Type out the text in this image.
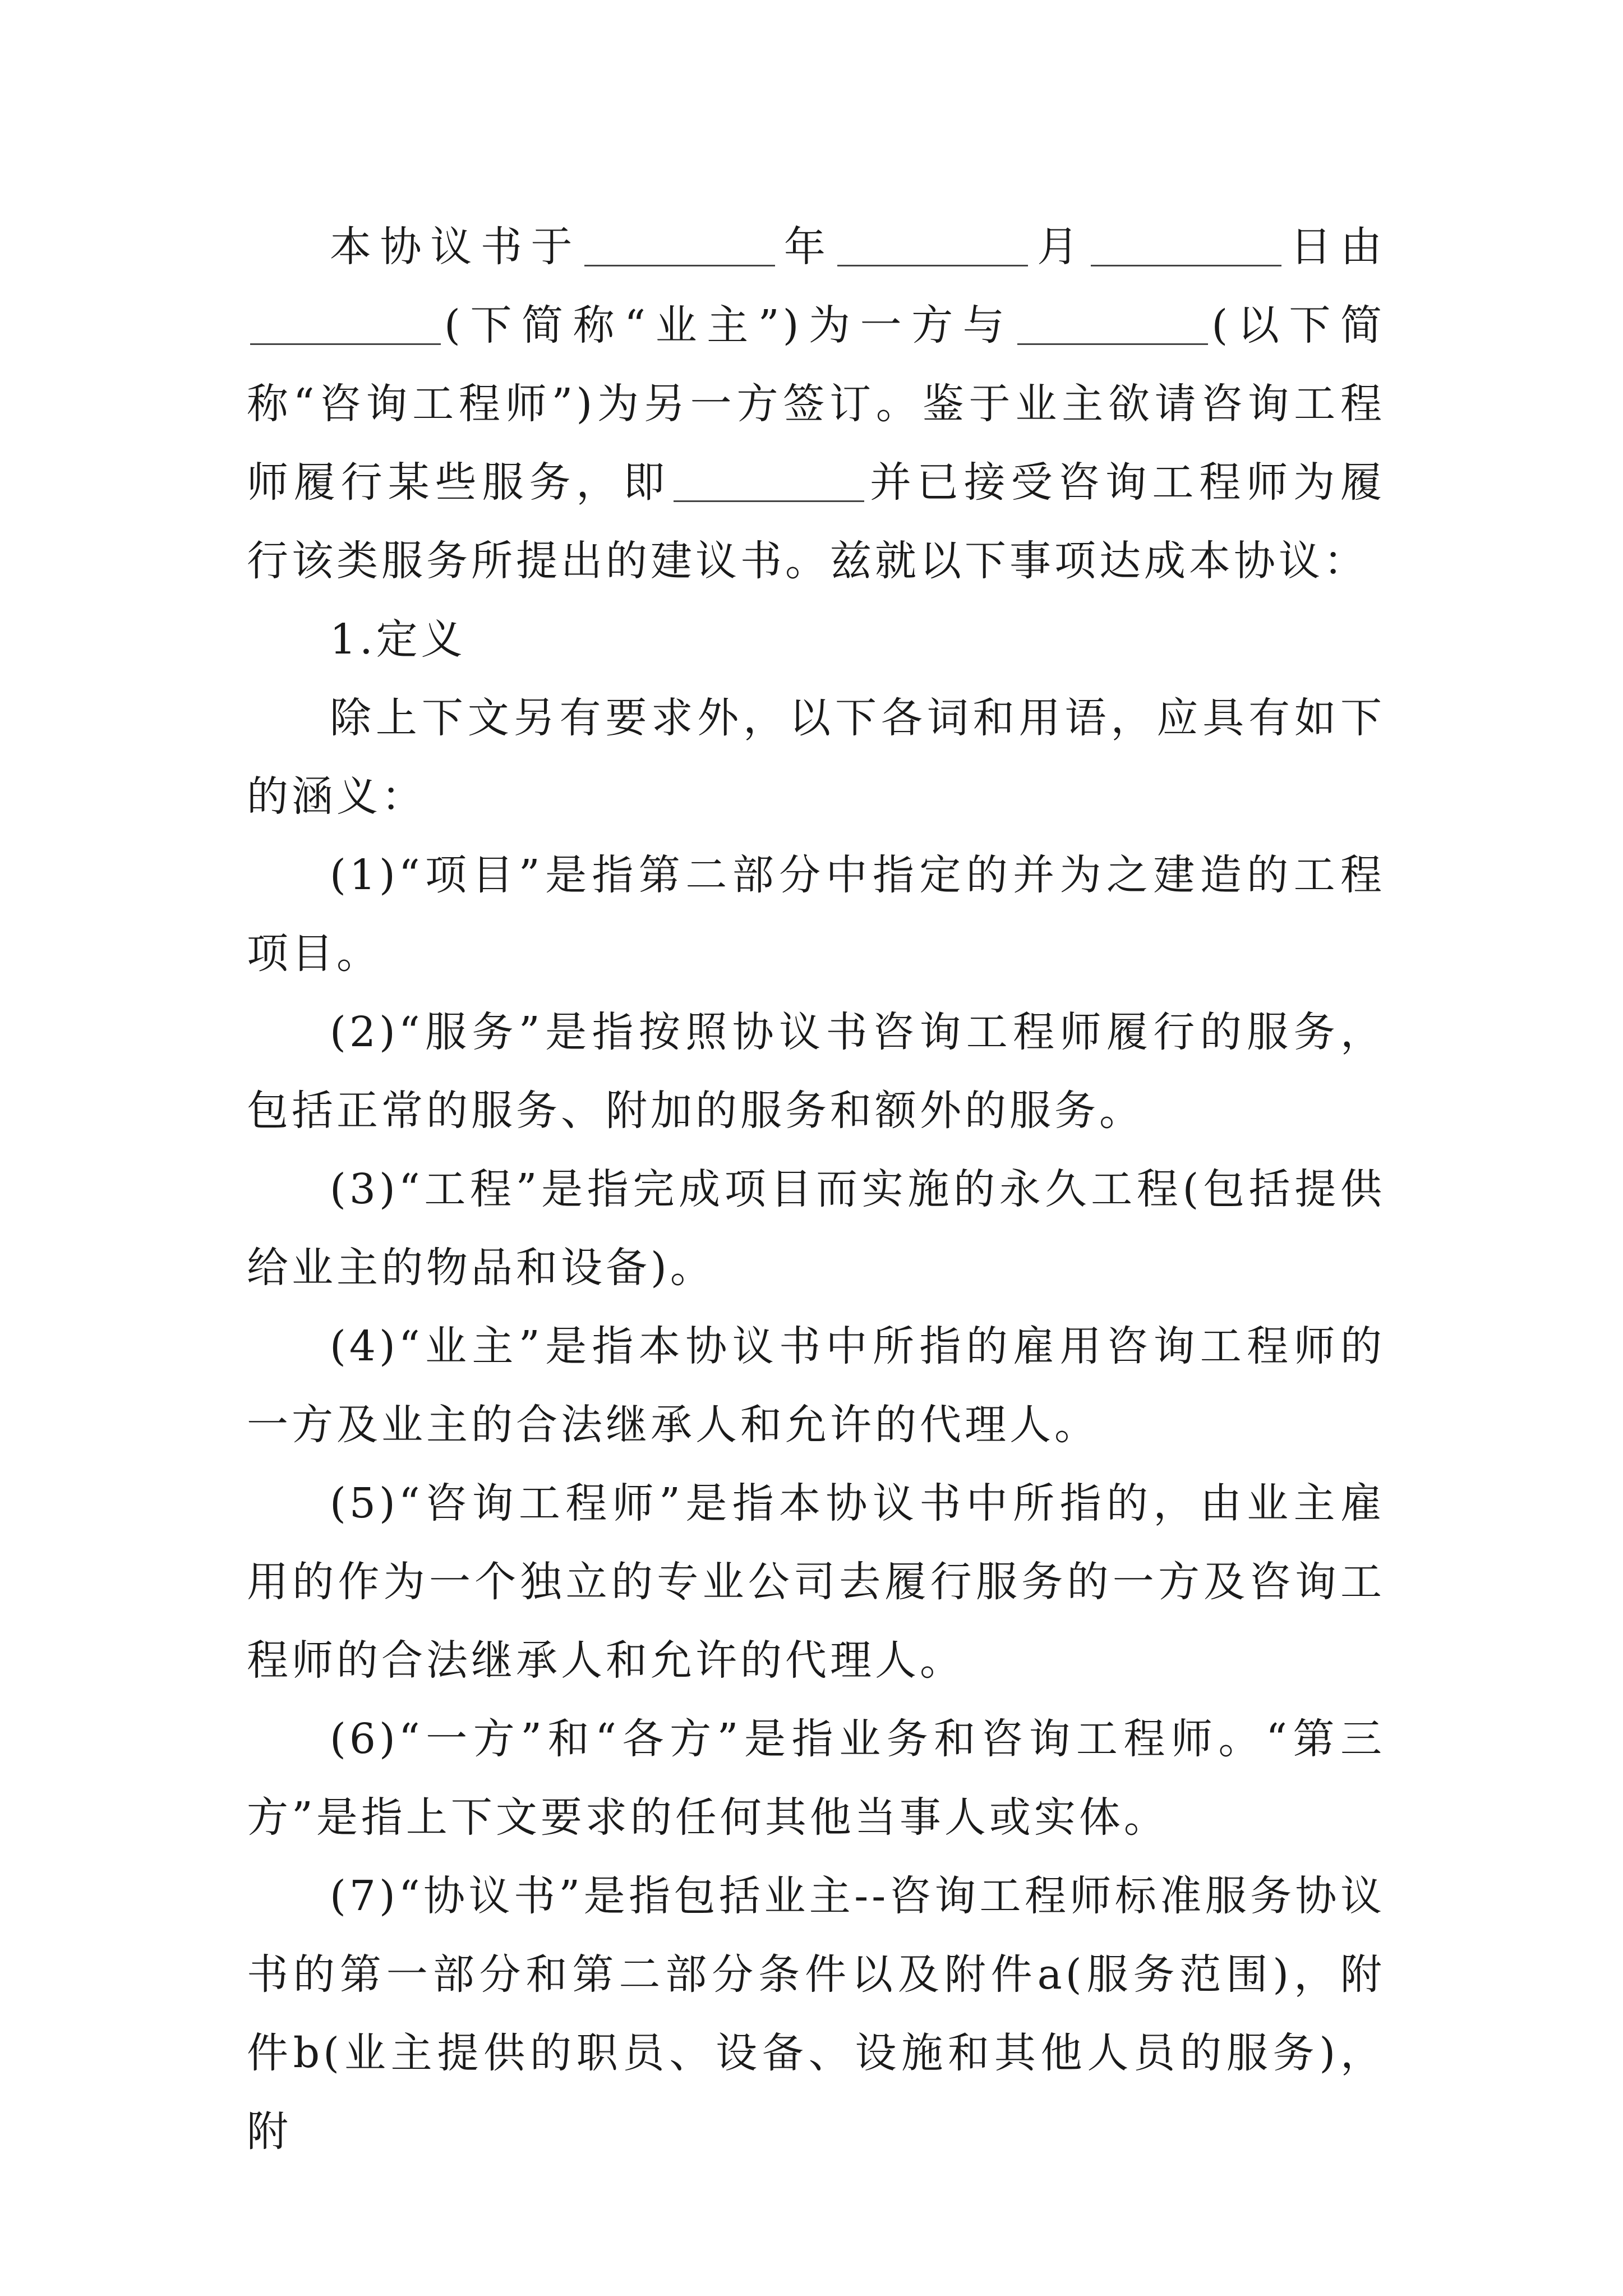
本协议书于	年	月	日由(下简称“业主”)为一方与	(以下简称“咨询工程师”)为另一方签订。鉴于业主欲请咨询工程师履行某些服务，即	并已接受咨询工程师为履行该类服务所提出的建议书。兹就以下事项达成本协议：

1.定义

除上下文另有要求外，以下各词和用语，应具有如下的涵义：

(1)“项目”是指第二部分中指定的并为之建造的工程项目。

(2)“服务”是指按照协议书咨询工程师履行的服务，包括正常的服务、附加的服务和额外的服务。

(3)“工程”是指完成项目而实施的永久工程(包括提供给业主的物品和设备)。

(4)“业主”是指本协议书中所指的雇用咨询工程师的一方及业主的合法继承人和允许的代理人。

(5)“咨询工程师”是指本协议书中所指的，由业主雇用的作为一个独立的专业公司去履行服务的一方及咨询工程师的合法继承人和允许的代理人。

(6)“一方”和“各方”是指业务和咨询工程师。“第三方”是指上下文要求的任何其他当事人或实体。

(7)“协议书”是指包括业主--咨询工程师标准服务协议书的第一部分和第二部分条件以及附件a(服务范围)，附件b(业主提供的职员、设备、设施和其他人员的服务)，附
